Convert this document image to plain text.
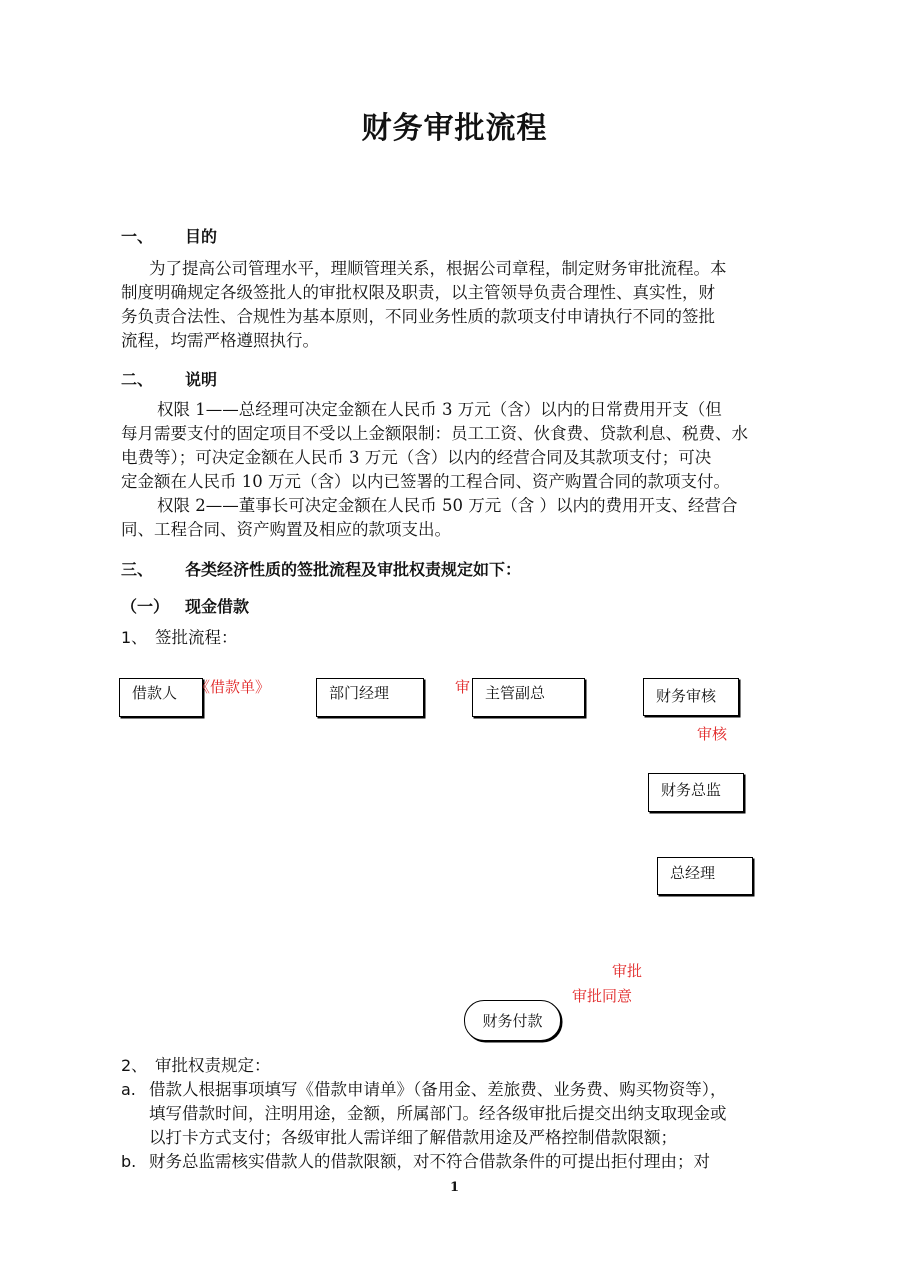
财务审批流程
一、 目的
为了提高公司管理水平，理顺管理关系，根据公司章程，制定财务审批流程。本
制度明确规定各级签批人的审批权限及职责，以主管领导负责合理性、真实性，财
务负责合法性、合规性为基本原则，不同业务性质的款项支付申请执行不同的签批
流程，均需严格遵照执行。
二、 说明
权限 1——总经理可决定金额在人民币 3 万元（含）以内的日常费用开支（但
每月需要支付的固定项目不受以上金额限制：员工工资、伙食费、贷款利息、税费、水
电费等）；可决定金额在人民币 3 万元（含）以内的经营合同及其款项支付；可决
定金额在人民币 10 万元（含）以内已签署的工程合同、资产购置合同的款项支付。
权限 2——董事长可决定金额在人民币 50 万元（含 ）以内的费用开支、经营合
同、工程合同、资产购置及相应的款项支出。
三、 各类经济性质的签批流程及审批权责规定如下：
（一） 现金借款
1、 签批流程：
借款人	《借款单》	部门经理	审 主管副总	财务审核
审核
财务总监
总经理
审批
审批同意
财务付款
2、 审批权责规定：
a. 借款人根据事项填写《借款申请单》（备用金、差旅费、业务费、购买物资等），
填写借款时间，注明用途，金额，所属部门。经各级审批后提交出纳支取现金或
以打卡方式支付；各级审批人需详细了解借款用途及严格控制借款限额；
b. 财务总监需核实借款人的借款限额，对不符合借款条件的可提出拒付理由；对
1
